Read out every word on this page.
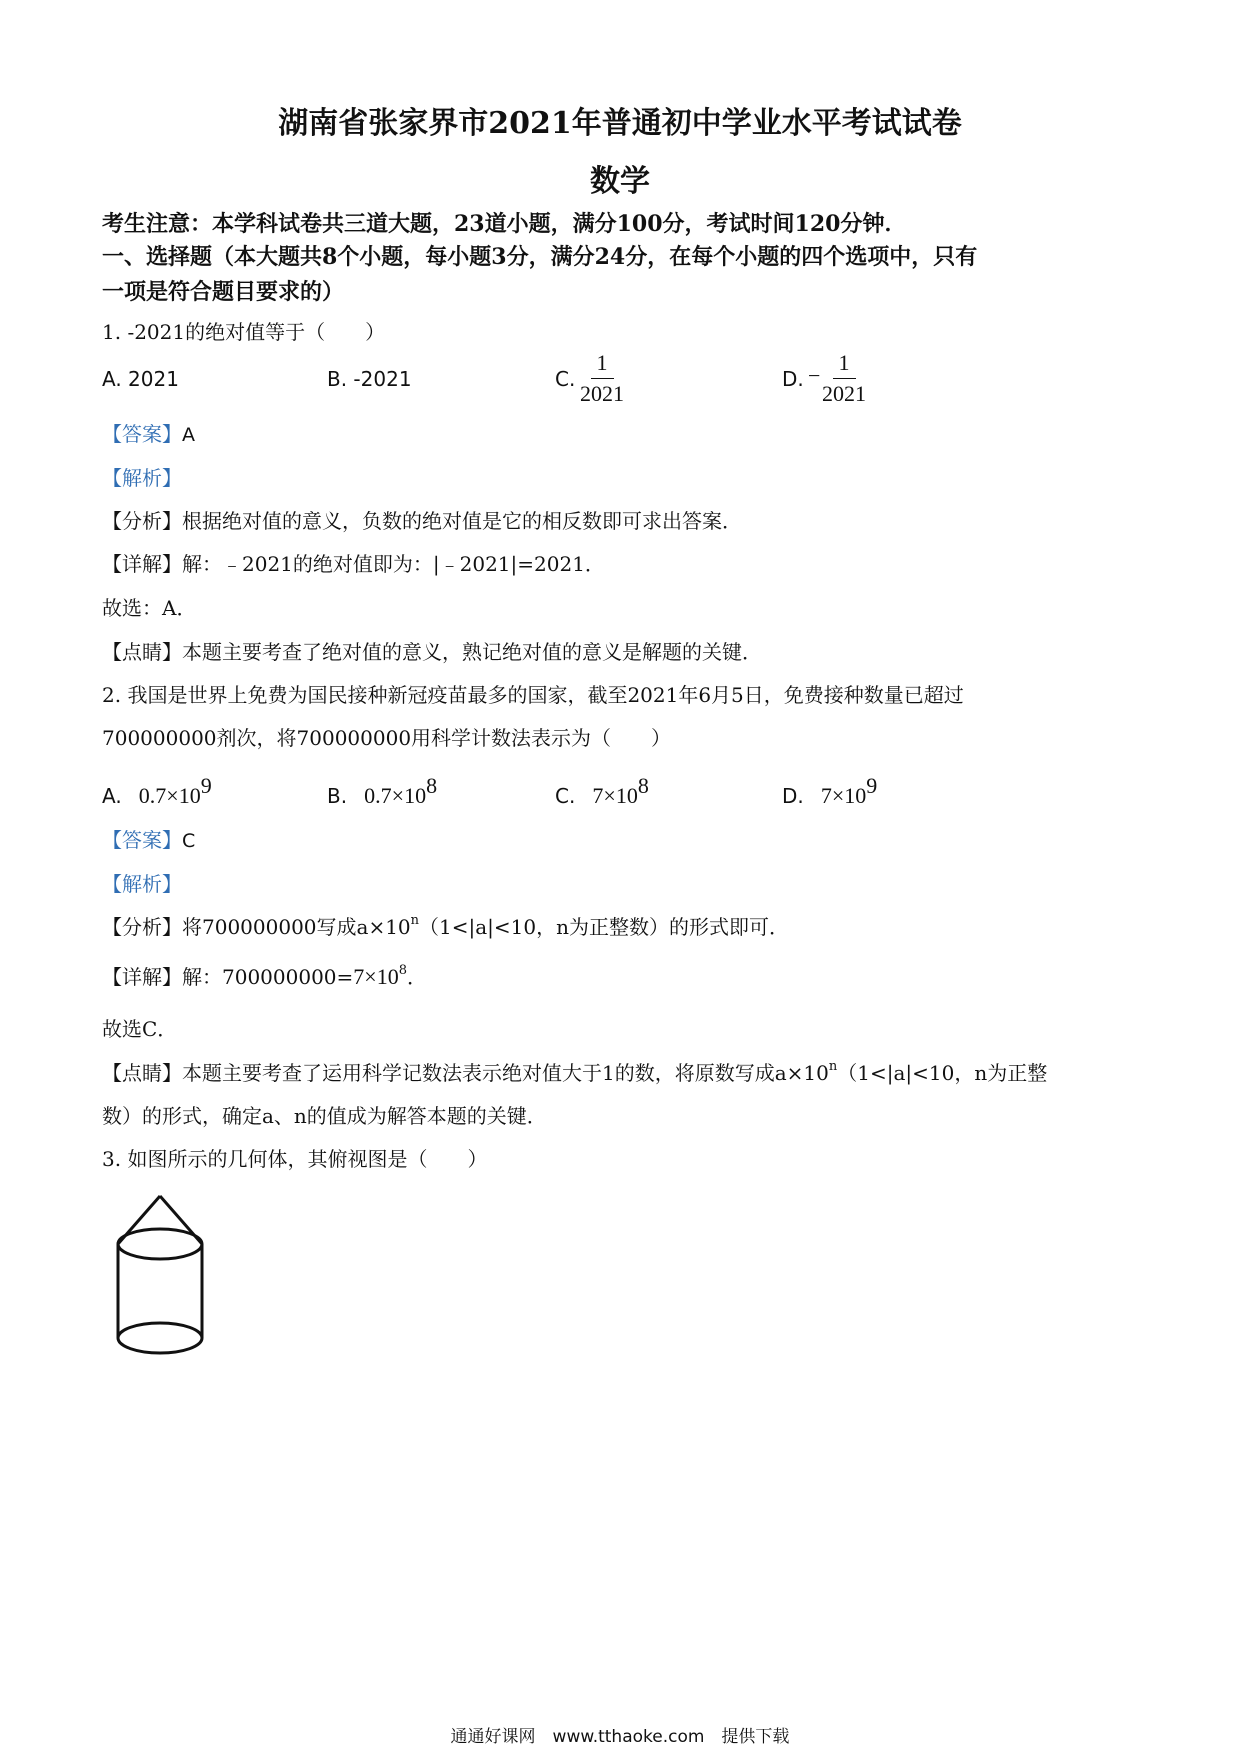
湖南省张家界市2021年普通初中学业水平考试试卷
数学
考生注意：本学科试卷共三道大题，23道小题，满分100分，考试时间120分钟．
一、选择题（本大题共8个小题，每小题3分，满分24分，在每个小题的四个选项中，只有
一项是符合题目要求的）
1. -2021的绝对值等于（　　）
A. 2021	B. -2021	C. $\frac{1}{2021}$	D. − $\frac{1}{2021}$
【答案】A
【解析】
【分析】根据绝对值的意义，负数的绝对值是它的相反数即可求出答案．
【详解】解：﹣2021的绝对值即为：|﹣2021|=2021．
故选：A．
【点睛】本题主要考查了绝对值的意义，熟记绝对值的意义是解题的关键．
2. 我国是世界上免费为国民接种新冠疫苗最多的国家，截至2021年6月5日，免费接种数量已超过
700000000剂次，将700000000用科学计数法表示为（　　）
A. $0.7\times 10^9$	B. $0.7\times 10^8$	C. $7\times 10^8$	D. $7\times 10^9$
【答案】C
【解析】
【分析】将700000000写成$a\times 10^n(1<|a|<10$，n为正整数）的形式即可．
【详解】解：$700000000=7\times 10^8$．
故选C．
【点睛】本题主要考查了运用科学记数法表示绝对值大于1的数，将原数写成$a\times 10^n(1<|a|<10$，n为正整
数）的形式，确定a、n的值成为解答本题的关键．
3. 如图所示的几何体，其俯视图是（　　）
通通好课网　www.tthaoke.com　提供下载
